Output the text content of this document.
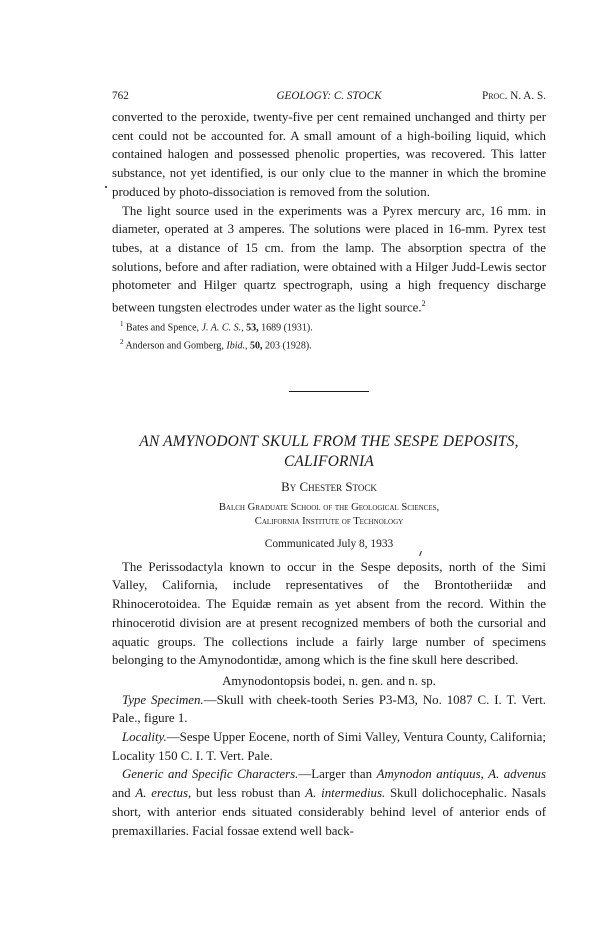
762	GEOLOGY: C. STOCK	Proc. N. A. S.

converted to the peroxide, twenty-five per cent remained unchanged and thirty per cent could not be accounted for. A small amount of a high-boiling liquid, which contained halogen and possessed phenolic properties, was recovered. This latter substance, not yet identified, is our only clue to the manner in which the bromine produced by photo-dissociation is removed from the solution.

The light source used in the experiments was a Pyrex mercury arc, 16 mm. in diameter, operated at 3 amperes. The solutions were placed in 16-mm. Pyrex test tubes, at a distance of 15 cm. from the lamp. The absorption spectra of the solutions, before and after radiation, were obtained with a Hilger Judd-Lewis sector photometer and Hilger quartz spectrograph, using a high frequency discharge between tungsten electrodes under water as the light source.$^2$

$^1$ Bates and Spence, J. A. C. S., 53, 1689 (1931).

$^2$ Anderson and Gomberg, Ibid., 50, 203 (1928).

AN AMYNODONT SKULL FROM THE SESPE DEPOSITS,
CALIFORNIA
By Chester Stock
Balch Graduate School of the Geological Sciences,
California Institute of Technology
Communicated July 8, 1933

The Perissodactyla known to occur in the Sespe deposits, north of the Simi Valley, California, include representatives of the Brontotheriidæ and Rhinocerotoidea. The Equidæ remain as yet absent from the record. Within the rhinocerotid division are at present recognized members of both the cursorial and aquatic groups. The collections include a fairly large number of specimens belonging to the Amynodontidæ, among which is the fine skull here described.

Amynodontopsis bodei, n. gen. and n. sp.

Type Specimen.—Skull with cheek-tooth Series P3-M3, No. 1087 C. I. T. Vert. Pale., figure 1.

Locality.—Sespe Upper Eocene, north of Simi Valley, Ventura County, California; Locality 150 C. I. T. Vert. Pale.

Generic and Specific Characters.—Larger than Amynodon antiquus, A. advenus and A. erectus, but less robust than A. intermedius. Skull dolichocephalic. Nasals short, with anterior ends situated considerably behind level of anterior ends of premaxillaries. Facial fossae extend well back-
